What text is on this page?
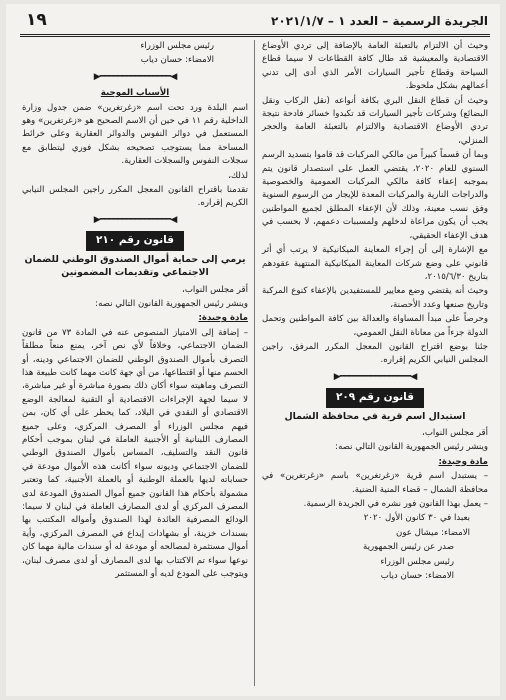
الجريدة الرسمية – العدد ١ – ٢٠٢١/١/٧
١٩

وحيث أن الالتزام بالتعبئة العامة بالإضافة إلى تردي الأوضاع الاقتصادية والمعيشية قد طال كافة القطاعات لا سيما قطاع السياحة وقطاع تأجير السيارات الأمر الذي أدى إلى تدني أعمالهم بشكل ملحوظ.

وحيث أن قطاع النقل البري بكافة أنواعه (نقل الركاب ونقل البضائع) وشركات تأجير السيارات قد تكبدوا خسائر فادحة نتيجة تردي الأوضاع الاقتصادية والالتزام بالتعبئة العامة والحجر المنزلي،

وبما أن قسماً كبيراً من مالكي المركبات قد قاموا بتسديد الرسم السنوي للعام ٢٠٢٠، يقتضي العمل على استصدار قانون يتم بموجبه إعفاء كافة مالكي المركبات العمومية والخصوصية والدراجات النارية والمركبات المعدة للإيجار من الرسوم السنوية وفق نسب معينة، وذلك لأن الإعفاء المطلق لجميع المواطنين يجب أن يكون مراعاة لدخلهم ولمسببات دعمهم، لا بحسب في هدف الإعفاء الحقيقي،

مع الإشارة إلى أن إجراء المعاينة الميكانيكية لا يرتب أي أثر قانوني على وضع شركات المعاينة الميكانيكية المنتهية عقودهم بتاريخ ٢٠١٥/٦/٣٠،

وحيث أنه يقتضي وضع معايير للمستفيدين بالإعفاء كنوع المركبة وتاريخ صنعها وعدد الأحصنة،

وحرصاً على مبدأ المساواة والعدالة بين كافة المواطنين وتحمل الدولة جزءاً من معاناة النقل العمومي،

جئنا بوضع اقتراح القانون المعجل المكرر المرفق، راجين المجلس النيابي الكريم إقراره.

◀━━━━━━━━━━━━━━━━▶
قانون رقم ٢٠٩
استبدال اسم قرية في محافظة الشمال

أقر مجلس النواب،

وينشر رئيس الجمهورية القانون التالي نصه:

مادة وحيدة:

– يستبدل اسم قرية «زغرتغرين» باسم «زغرتغرين» في محافظة الشمال – قضاء المنية الضنية.

– يعمل بهذا القانون فور نشره في الجريدة الرسمية.

بعبدا في ٣٠ كانون الأول ٢٠٢٠

الامضاء: ميشال عون

صدر عن رئيس الجمهورية

رئيس مجلس الوزراء

الامضاء: حسان دياب

رئيس مجلس الوزراء

الامضاء: حسان دياب

◀━━━━━━━━━━━━━━━━▶

الأسباب الموجبة

اسم البلدة ورد تحت اسم «زغرتغرين» ضمن جدول وزارة الداخلية رقم ١١ في حين أن الاسم الصحيح هو «زغرتغرين» وهو المستعمل في دوائر النفوس والدوائر العقارية وعلى خرائط المساحة مما يستوجب تصحيحه بشكل فوري ليتطابق مع سجلات النفوس والسجلات العقارية.

لذلك،

تقدمنا باقتراح القانون المعجل المكرر راجين المجلس النيابي الكريم إقراره.

◀━━━━━━━━━━━━━━━━▶
قانون رقم ٢١٠
يرمي إلى حماية أموال الصندوق الوطني للضمان الاجتماعي وتقديمات المضمونين

أقر مجلس النواب،

وينشر رئيس الجمهورية القانون التالي نصه:

مادة وحيدة:

– إضافة إلى الامتياز المنصوص عنه في المادة ٧٣ من قانون الضمان الاجتماعي، وخلافاً لأي نص آخر، يمنع منعاً مطلقاً التصرف بأموال الصندوق الوطني للضمان الاجتماعي ودينه، أو الحسم منها أو اقتطاعها، من أي جهة كانت مهما كانت طبيعة هذا التصرف وماهيته سواء أكان ذلك بصورة مباشرة أو غير مباشرة، لا سيما لجهة الإجراءات الاقتصادية أو التقنية لمعالجة الوضع الاقتصادي أو النقدي في البلاد، كما يحظر على أي كان، بمن فيهم مجلس الوزراء أو المصرف المركزي، وعلى جميع المصارف اللبنانية أو الأجنبية العاملة في لبنان بموجب أحكام قانون النقد والتسليف، المساس بأموال الصندوق الوطني للضمان الاجتماعي وديونه سواء أكانت هذه الأموال مودعة في حساباته لديها بالعملة الوطنية أو بالعملة الأجنبية، كما وتعتبر مشمولة بأحكام هذا القانون جميع أموال الصندوق المودعة لدى المصرف المركزي أو لدى المصارف العاملة في لبنان لا سيما: الودائع المصرفية العائدة لهذا الصندوق وأمواله المكتتب بها بسندات خزينة، أو بشهادات إيداع في المصرف المركزي، وأية أموال مستثمرة لمصالحه أو مودعة له أو سندات مالية مهما كان نوعها سواء تم الاكتتاب بها لدى المصارف أو لدى مصرف لبنان، ويتوجب على المودع لديه أو المستثمر
